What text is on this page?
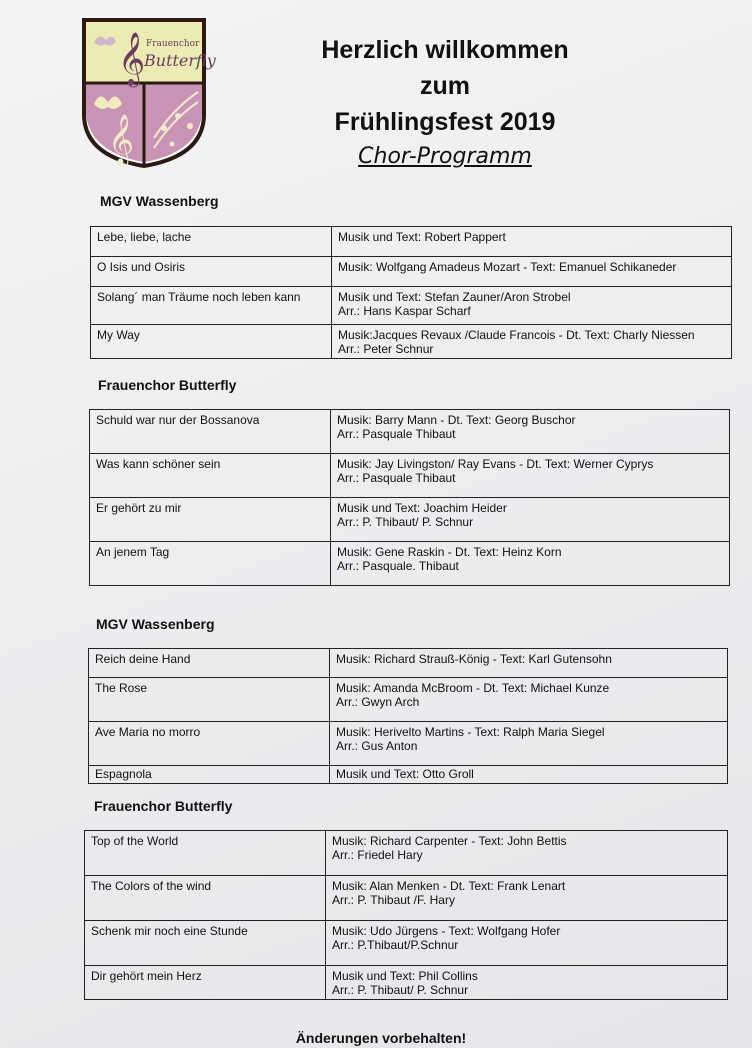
𝄞 Frauenchor
Butterfly
𝄞
Herzlich willkommen
zum
Frühlingsfest 2019
Chor-Programm
MGV Wassenberg
Lebe, liebe, lache	Musik und Text: Robert Pappert

O Isis und Osiris	Musik: Wolfgang Amadeus Mozart - Text: Emanuel Schikaneder

Solang´ man Träume noch leben kann	Musik und Text: Stefan Zauner/Aron Strobel
Arr.: Hans Kaspar Scharf

My Way	Musik:Jacques Revaux /Claude Francois - Dt. Text: Charly Niessen
Arr.: Peter Schnur
Frauenchor Butterfly
Schuld war nur der Bossanova	Musik: Barry Mann - Dt. Text: Georg Buschor
Arr.: Pasquale Thibaut

Was kann schöner sein	Musik: Jay Livingston/ Ray Evans - Dt. Text: Werner Cyprys
Arr.: Pasquale Thibaut

Er gehört zu mir	Musik und Text: Joachim Heider
Arr.: P. Thibaut/ P. Schnur

An jenem Tag	Musik: Gene Raskin - Dt. Text: Heinz Korn
Arr.: Pasquale. Thibaut
MGV Wassenberg
Reich deine Hand	Musik: Richard Strauß-König - Text: Karl Gutensohn

The Rose	Musik: Amanda McBroom - Dt. Text: Michael Kunze
Arr.: Gwyn Arch

Ave Maria no morro	Musik: Herivelto Martins - Text: Ralph Maria Siegel
Arr.: Gus Anton

Espagnola	Musik und Text: Otto Groll
Frauenchor Butterfly
Top of the World	Musik: Richard Carpenter - Text: John Bettis
Arr.: Friedel Hary

The Colors of the wind	Musik: Alan Menken - Dt. Text: Frank Lenart
Arr.: P. Thibaut /F. Hary

Schenk mir noch eine Stunde	Musik: Udo Jürgens - Text: Wolfgang Hofer
Arr.: P.Thibaut/P.Schnur

Dir gehört mein Herz	Musik und Text: Phil Collins
Arr.: P. Thibaut/ P. Schnur
Änderungen vorbehalten!
